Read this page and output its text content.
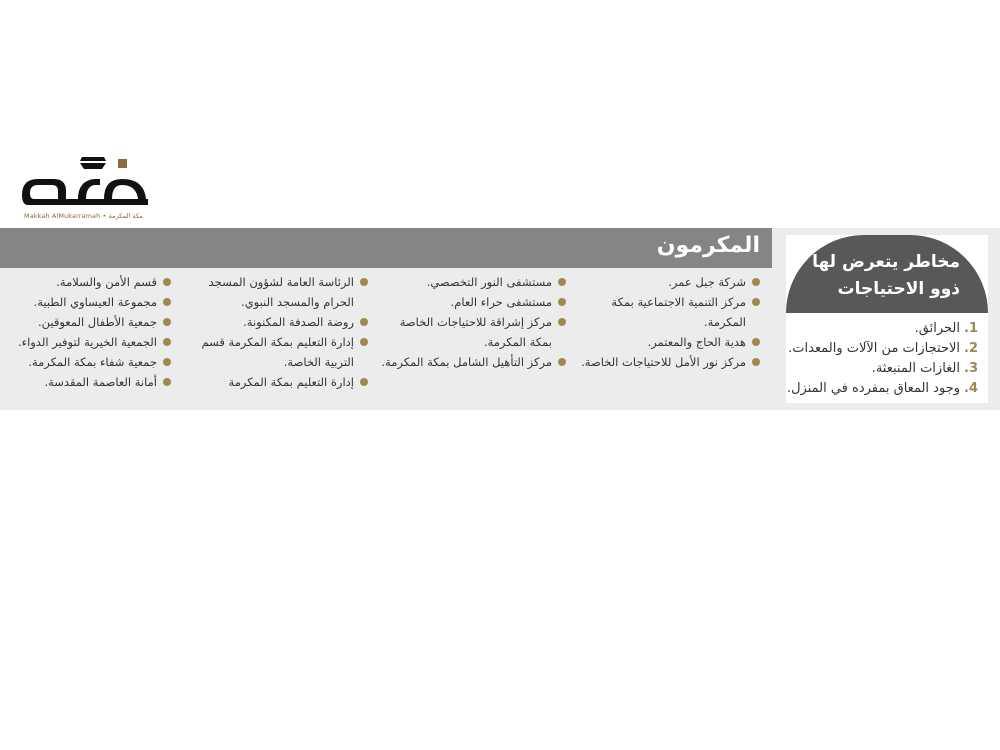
Makkah AlMukarramah • مكة المكرمة
المكرمون
شركة جبل عمر.
مركز التنمية الاجتماعية بمكة المكرمة.
هدية الحاج والمعتمر.
مركز نور الأمل للاحتياجات الخاصة.
مستشفى النور التخصصي.
مستشفى حراء العام.
مركز إشراقة للاحتياجات الخاصة بمكة المكرمة.
مركز التأهيل الشامل بمكة المكرمة.
الرئاسة العامة لشؤون المسجد الحرام والمسجد النبوي.
روضة الصدفة المكنونة.
إدارة التعليم بمكة المكرمة قسم التربية الخاصة.
إدارة التعليم بمكة المكرمة
قسم الأمن والسلامة.
مجموعة العيساوي الطبية.
جمعية الأطفال المعوقين.
الجمعية الخيرية لتوفير الدواء.
جمعية شفاء بمكة المكرمة.
أمانة العاصمة المقدسة.
مخاطر يتعرض لها
ذوو الاحتياجات
1.الحرائق.
2.الاحتجازات من الآلات والمعدات.
3.الغازات المنبعثة.
4.وجود المعاق بمفرده في المنزل.
